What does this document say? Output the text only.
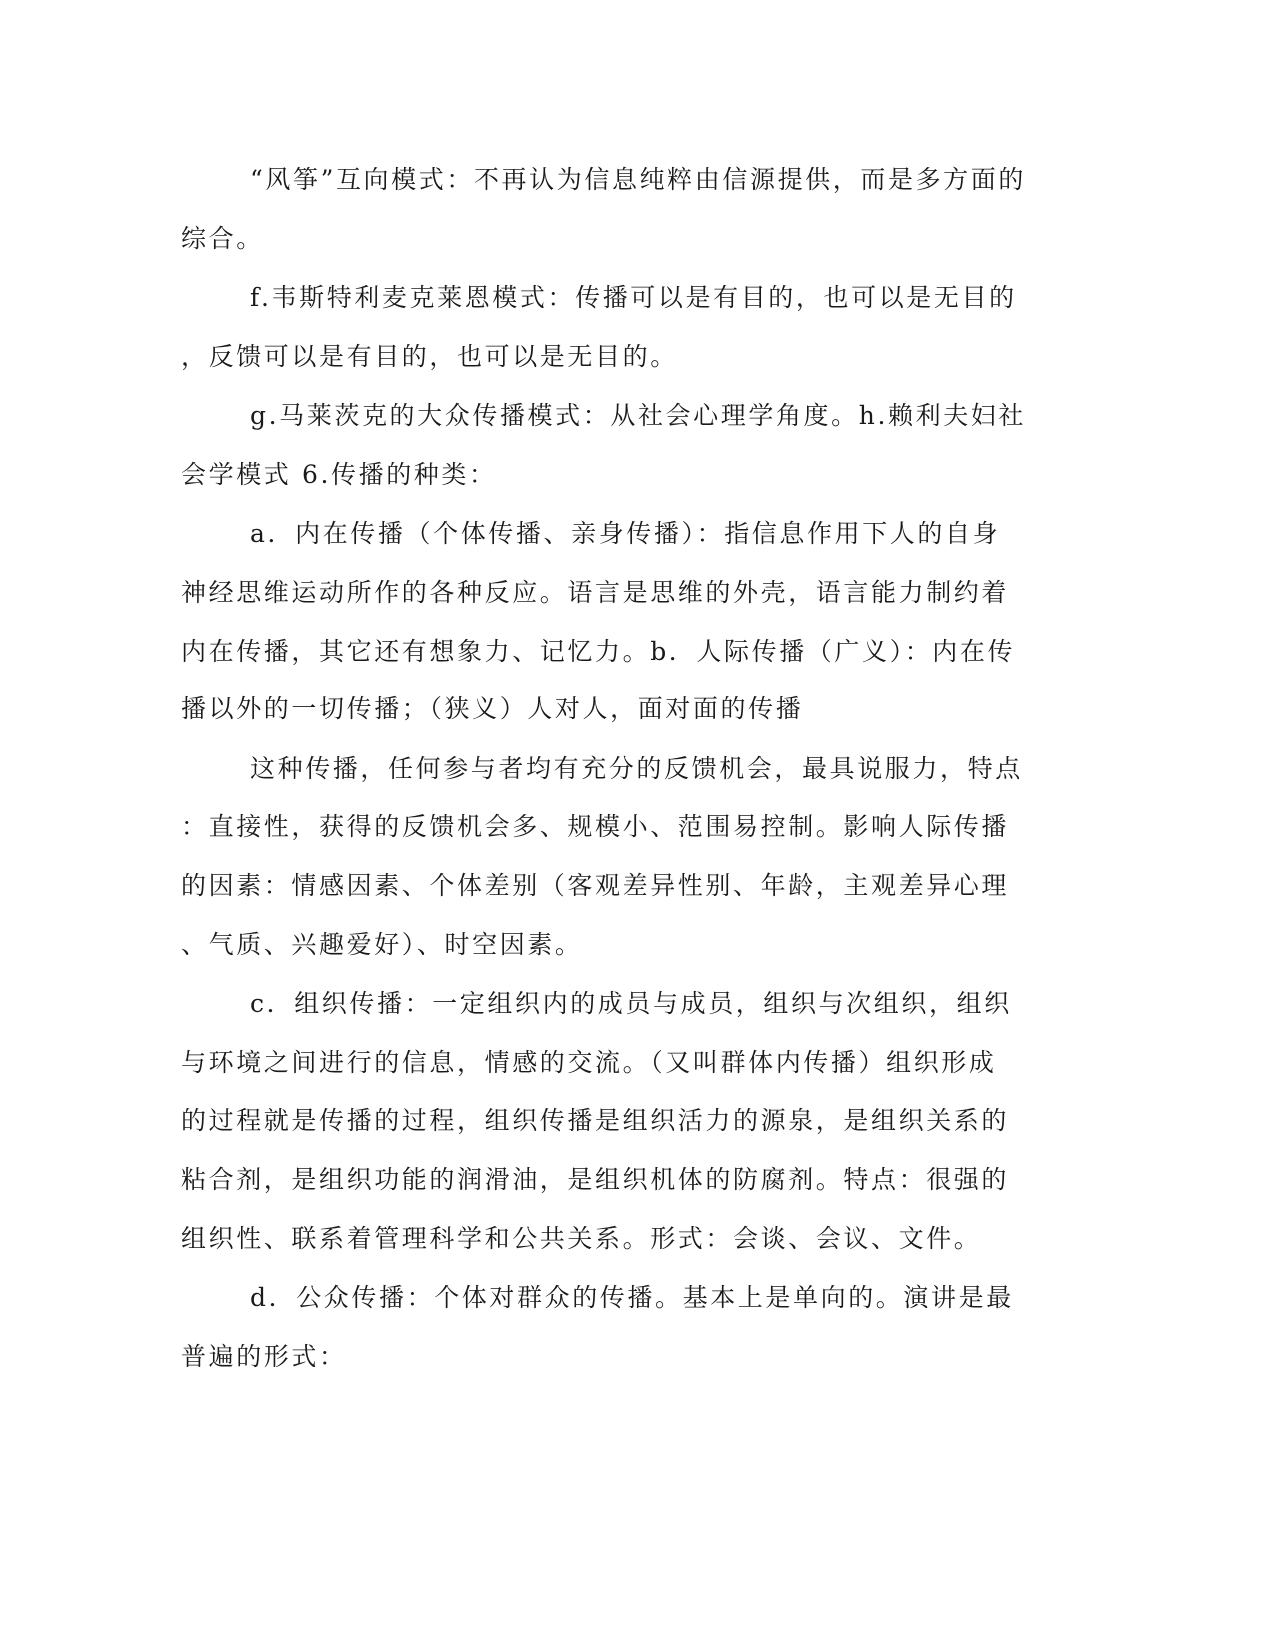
“风筝”互向模式：不再认为信息纯粹由信源提供，而是多方面的

综合。

f.韦斯特利麦克莱恩模式：传播可以是有目的，也可以是无目的

，反馈可以是有目的，也可以是无目的。

g.马莱茨克的大众传播模式：从社会心理学角度。h.赖利夫妇社

会学模式 6.传播的种类：

a．内在传播（个体传播、亲身传播）：指信息作用下人的自身

神经思维运动所作的各种反应。语言是思维的外壳，语言能力制约着

内在传播，其它还有想象力、记忆力。b．人际传播（广义）：内在传

播以外的一切传播；（狭义）人对人，面对面的传播

这种传播，任何参与者均有充分的反馈机会，最具说服力，特点

：直接性，获得的反馈机会多、规模小、范围易控制。影响人际传播

的因素：情感因素、个体差别（客观差异性别、年龄，主观差异心理

、气质、兴趣爱好）、时空因素。

c．组织传播：一定组织内的成员与成员，组织与次组织，组织

与环境之间进行的信息，情感的交流。（又叫群体内传播）组织形成

的过程就是传播的过程，组织传播是组织活力的源泉，是组织关系的

粘合剂，是组织功能的润滑油，是组织机体的防腐剂。特点：很强的

组织性、联系着管理科学和公共关系。形式：会谈、会议、文件。

d．公众传播：个体对群众的传播。基本上是单向的。演讲是最

普遍的形式：
